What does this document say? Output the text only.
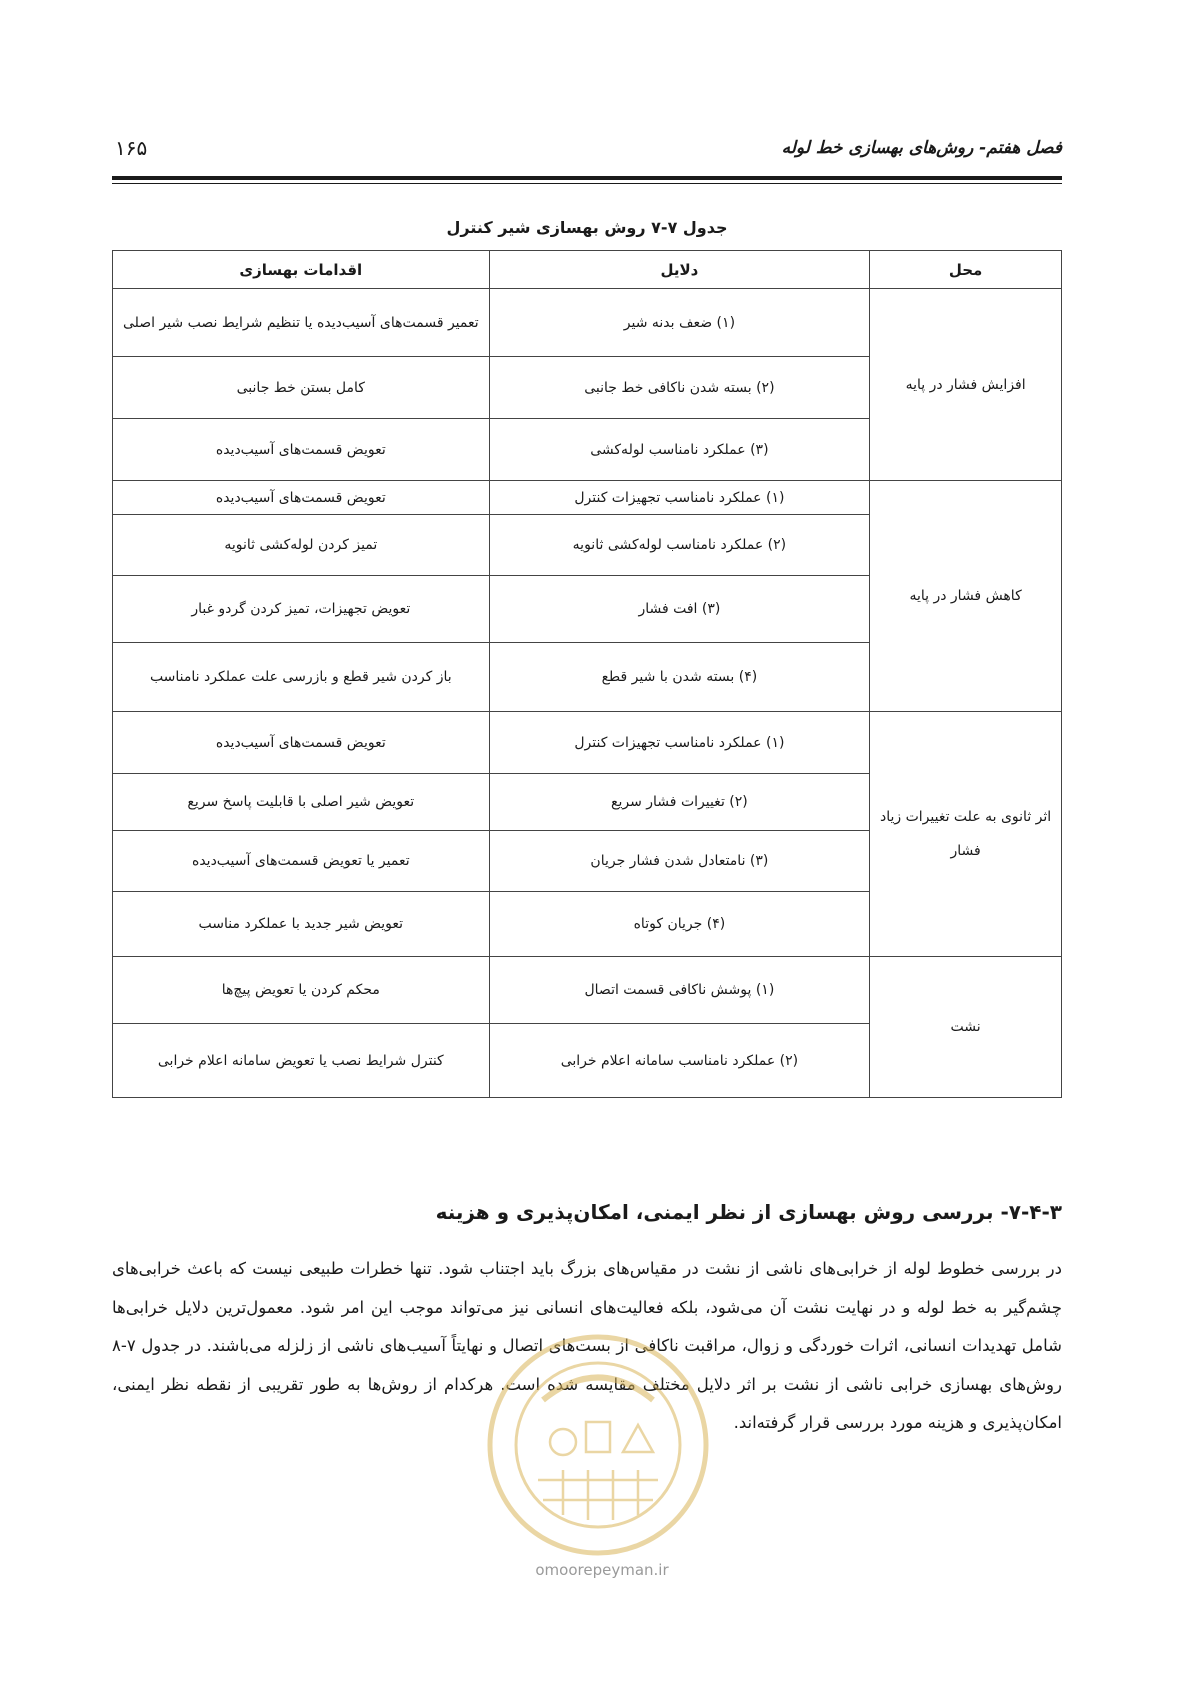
فصل هفتم- روش‌های بهسازی خط لوله
۱۶۵
جدول ۷-۷ روش بهسازی شیر کنترل
محل	دلایل	اقدامات بهسازی
افزایش فشار در پایه	(۱) ضعف بدنه شیر	تعمیر قسمت‌های آسیب‌دیده یا تنظیم شرایط نصب شیر اصلی
	(۲) بسته شدن ناکافی خط جانبی	کامل بستن خط جانبی
	(۳) عملکرد نامناسب لوله‌کشی	تعویض قسمت‌های آسیب‌دیده
کاهش فشار در پایه	(۱) عملکرد نامناسب تجهیزات کنترل	تعویض قسمت‌های آسیب‌دیده
	(۲) عملکرد نامناسب لوله‌کشی ثانویه	تمیز کردن لوله‌کشی ثانویه
	(۳) افت فشار	تعویض تجهیزات، تمیز کردن گردو غبار
	(۴) بسته شدن با شیر قطع	باز کردن شیر قطع و بازرسی علت عملکرد نامناسب
اثر ثانوی به علت تغییرات زیاد فشار	(۱) عملکرد نامناسب تجهیزات کنترل	تعویض قسمت‌های آسیب‌دیده
	(۲) تغییرات فشار سریع	تعویض شیر اصلی با قابلیت پاسخ سریع
	(۳) نامتعادل شدن فشار جریان	تعمیر یا تعویض قسمت‌های آسیب‌دیده
	(۴) جریان کوتاه	تعویض شیر جدید با عملکرد مناسب
نشت	(۱) پوشش ناکافی قسمت اتصال	محکم کردن یا تعویض پیچ‌ها
	(۲) عملکرد نامناسب سامانه اعلام خرابی	کنترل شرایط نصب یا تعویض سامانه اعلام خرابی
۷-۴-۳- بررسی روش بهسازی از نظر ایمنی، امکان‌پذیری و هزینه
در بررسی خطوط لوله از خرابی‌های ناشی از نشت در مقیاس‌های بزرگ باید اجتناب شود. تنها خطرات طبیعی نیست که باعث خرابی‌های چشم‌گیر به خط لوله و در نهایت نشت آن می‌شود، بلکه فعالیت‌های انسانی نیز می‌تواند موجب این امر شود. معمول‌ترین دلایل خرابی‌ها شامل تهدیدات انسانی، اثرات خوردگی و زوال، مراقبت ناکافی از بست‌های اتصال و نهایتاً آسیب‌های ناشی از زلزله می‌باشند. در جدول ۷-۸ روش‌های بهسازی خرابی ناشی از نشت بر اثر دلایل مختلف مقایسه شده است. هرکدام از روش‌ها به طور تقریبی از نقطه نظر ایمنی، امکان‌پذیری و هزینه مورد بررسی قرار گرفته‌اند.
omoorepeyman.ir
